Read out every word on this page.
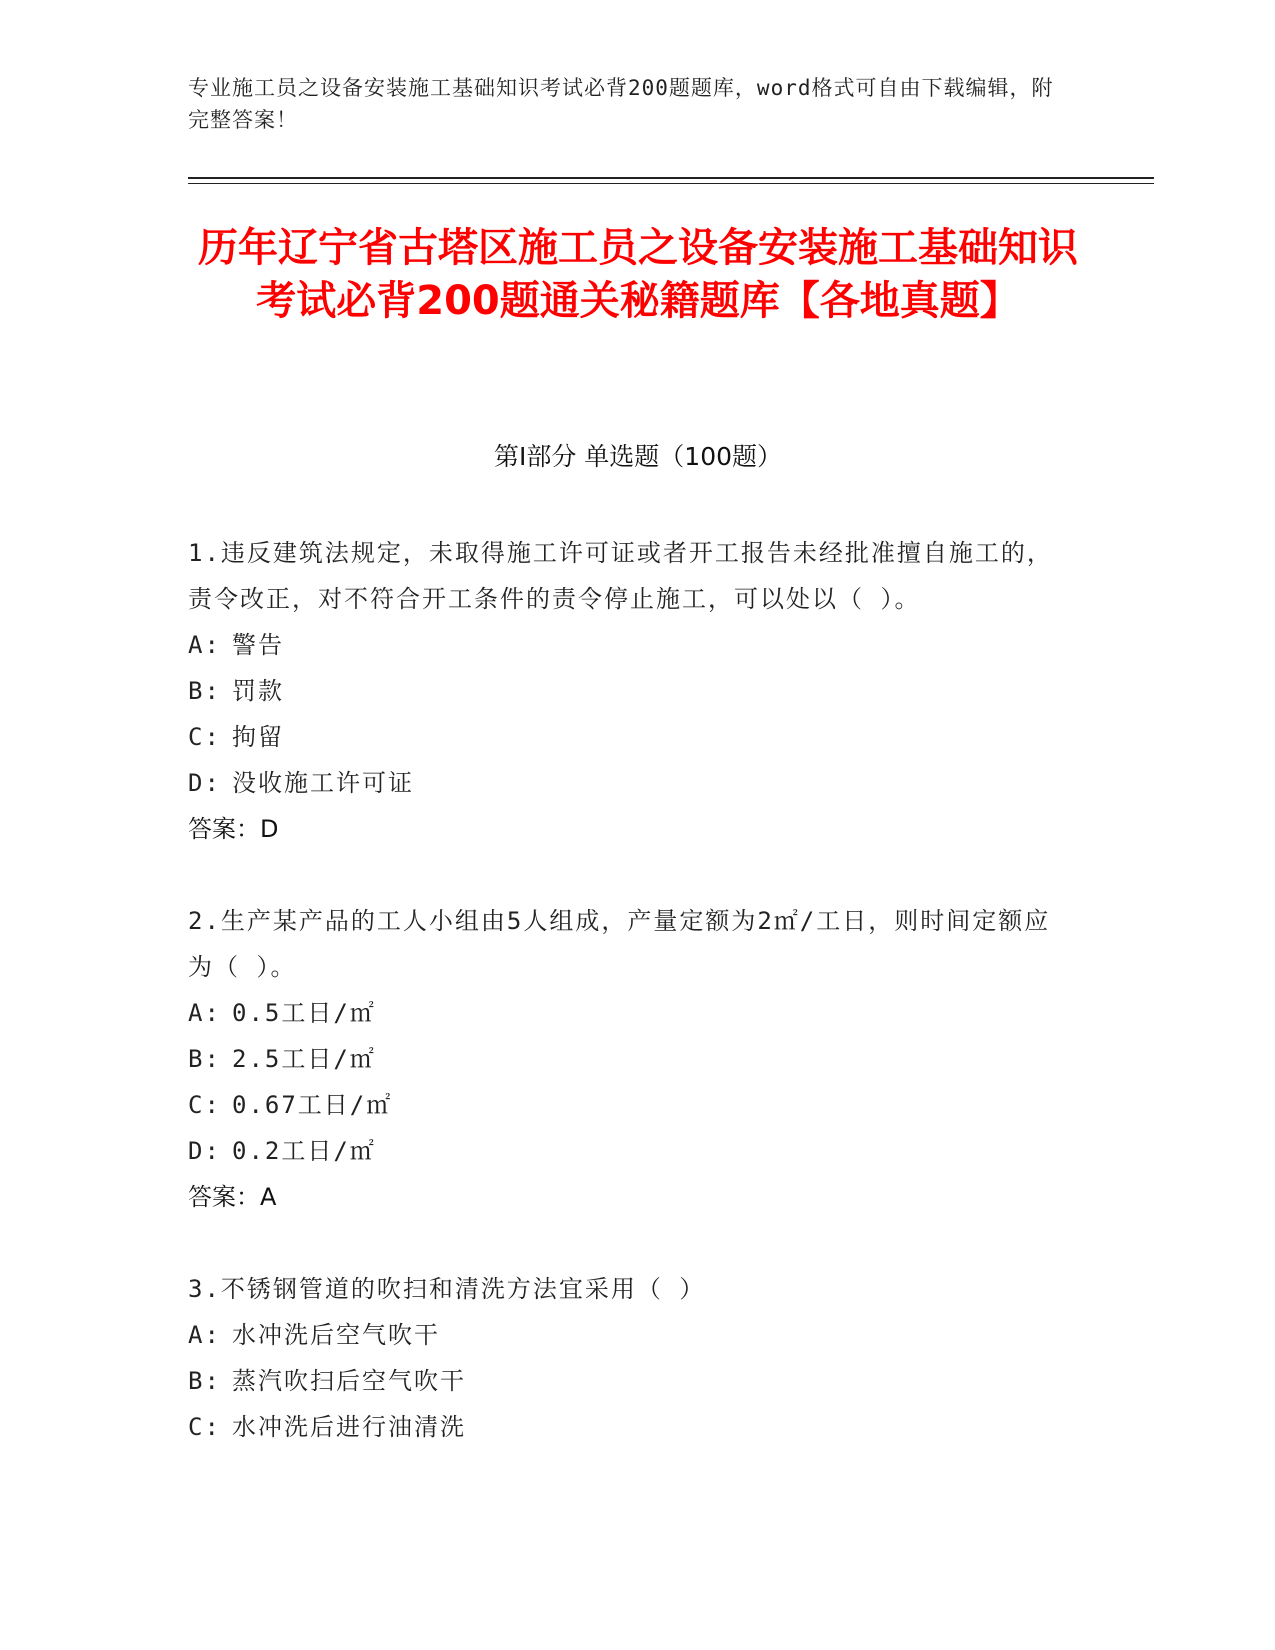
专业施工员之设备安装施工基础知识考试必背200题题库，word格式可自由下载编辑，附完整答案！
历年辽宁省古塔区施工员之设备安装施工基础知识考试必背200题通关秘籍题库【各地真题】
第Ⅰ部分 单选题（100题）
1.违反建筑法规定，未取得施工许可证或者开工报告未经批准擅自施工的，责令改正，对不符合开工条件的责令停止施工，可以处以（ ）。
A: 警告
B: 罚款
C: 拘留
D: 没收施工许可证
答案：D
2.生产某产品的工人小组由5人组成，产量定额为2㎡/工日，则时间定额应为（ ）。
A: 0.5工日/㎡
B: 2.5工日/㎡
C: 0.67工日/㎡
D: 0.2工日/㎡
答案：A
3.不锈钢管道的吹扫和清洗方法宜采用（ ）
A: 水冲洗后空气吹干
B: 蒸汽吹扫后空气吹干
C: 水冲洗后进行油清洗
